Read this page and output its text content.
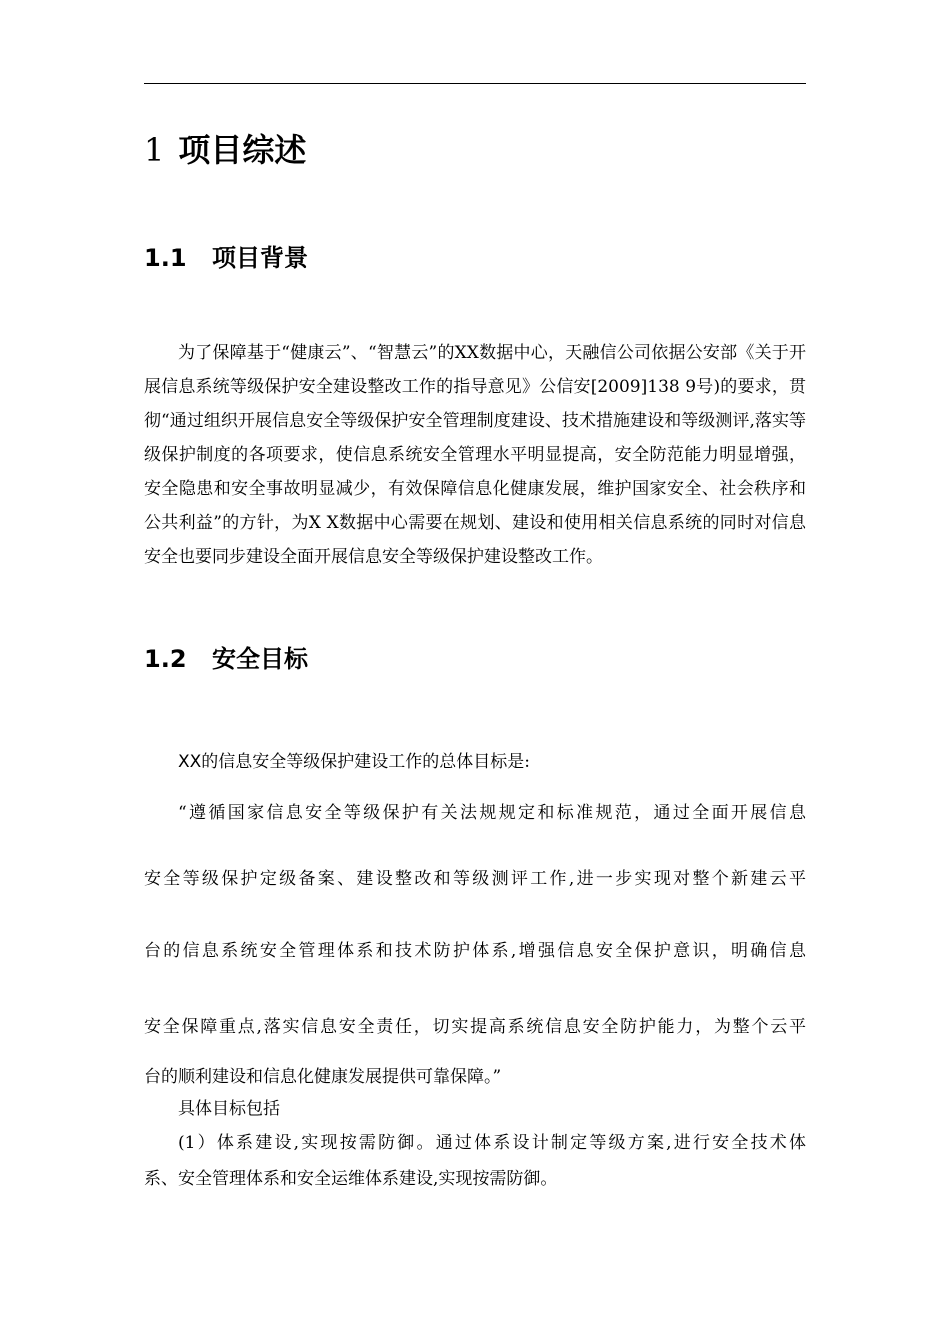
1 项目综述
1.1 项目背景

为了保障基于“健康云”、“智慧云”的XX数据中心，天融信公司依据公安部《关于开展信息系统等级保护安全建设整改工作的指导意见》公信安[2009]138 9号)的要求，贯彻“通过组织开展信息安全等级保护安全管理制度建设、技术措施建设和等级测评,落实等级保护制度的各项要求，使信息系统安全管理水平明显提高，安全防范能力明显增强，安全隐患和安全事故明显减少，有效保障信息化健康发展，维护国家安全、社会秩序和公共利益”的方针，为X X数据中心需要在规划、建设和使用相关信息系统的同时对信息安全也要同步建设全面开展信息安全等级保护建设整改工作。

1.2 安全目标
XX的信息安全等级保护建设工作的总体目标是:
“遵循国家信息安全等级保护有关法规规定和标准规范，通过全面开展信息
安全等级保护定级备案、建设整改和等级测评工作,进一步实现对整个新建云平
台的信息系统安全管理体系和技术防护体系,增强信息安全保护意识，明确信息
安全保障重点,落实信息安全责任，切实提高系统信息安全防护能力，为整个云平
台的顺利建设和信息化健康发展提供可靠保障。”
具体目标包括
(1）体系建设,实现按需防御。通过体系设计制定等级方案,进行安全技术体
系、安全管理体系和安全运维体系建设,实现按需防御。
